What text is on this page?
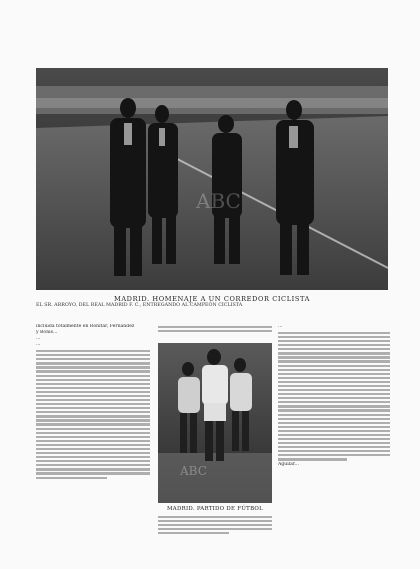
ABC
MADRID. HOMENAJE A UN CORREDOR CICLISTA
EL SR. ARROYO, DEL REAL MADRID F. C., ENTREGANDO AL CAMPEÓN CICLISTA
incluída totalmente en Ronitar, Fernández
y Bonís...
...
...
ABC
MADRID. PARTIDO DE FÚTBOL
...
Aguilar...
